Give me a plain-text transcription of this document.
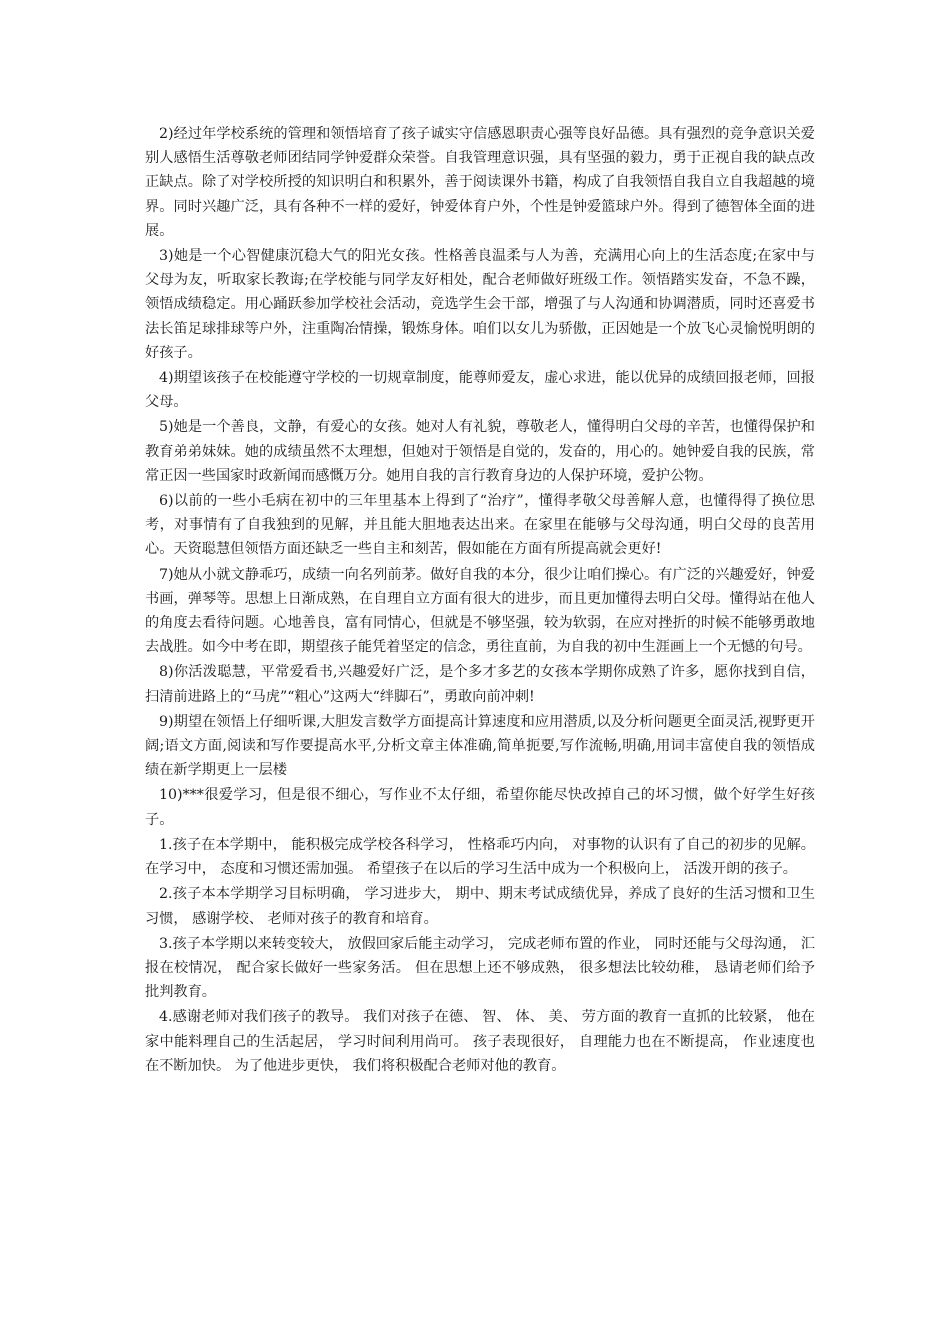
2)经过年学校系统的管理和领悟培育了孩子诚实守信感恩职责心强等良好品德。具有强烈的竞争意识关爱别人感悟生活尊敬老师团结同学钟爱群众荣誉。自我管理意识强，具有坚强的毅力，勇于正视自我的缺点改正缺点。除了对学校所授的知识明白和积累外，善于阅读课外书籍，构成了自我领悟自我自立自我超越的境界。同时兴趣广泛，具有各种不一样的爱好，钟爱体育户外，个性是钟爱篮球户外。得到了德智体全面的进展。

3)她是一个心智健康沉稳大气的阳光女孩。性格善良温柔与人为善，充满用心向上的生活态度;在家中与父母为友，听取家长教诲;在学校能与同学友好相处，配合老师做好班级工作。领悟踏实发奋，不急不躁，领悟成绩稳定。用心踊跃参加学校社会活动，竞选学生会干部，增强了与人沟通和协调潜质，同时还喜爱书法长笛足球排球等户外，注重陶冶情操，锻炼身体。咱们以女儿为骄傲，正因她是一个放飞心灵愉悦明朗的好孩子。

4)期望该孩子在校能遵守学校的一切规章制度，能尊师爱友，虚心求进，能以优异的成绩回报老师，回报父母。

5)她是一个善良，文静，有爱心的女孩。她对人有礼貌，尊敬老人，懂得明白父母的辛苦，也懂得保护和教育弟弟妹妹。她的成绩虽然不太理想，但她对于领悟是自觉的，发奋的，用心的。她钟爱自我的民族，常常正因一些国家时政新闻而感慨万分。她用自我的言行教育身边的人保护环境，爱护公物。

6)以前的一些小毛病在初中的三年里基本上得到了“治疗”，懂得孝敬父母善解人意，也懂得得了换位思考，对事情有了自我独到的见解，并且能大胆地表达出来。在家里在能够与父母沟通，明白父母的良苦用心。天资聪慧但领悟方面还缺乏一些自主和刻苦，假如能在方面有所提高就会更好!

7)她从小就文静乖巧，成绩一向名列前茅。做好自我的本分，很少让咱们操心。有广泛的兴趣爱好，钟爱书画，弹琴等。思想上日渐成熟，在自理自立方面有很大的进步，而且更加懂得去明白父母。懂得站在他人的角度去看待问题。心地善良，富有同情心，但就是不够坚强，较为软弱，在应对挫折的时候不能够勇敢地去战胜。如今中考在即，期望孩子能凭着坚定的信念，勇往直前，为自我的初中生涯画上一个无憾的句号。

8)你活泼聪慧，平常爱看书,兴趣爱好广泛，是个多才多艺的女孩本学期你成熟了许多，愿你找到自信，扫清前进路上的“马虎”“粗心”这两大“绊脚石”，勇敢向前冲刺!

9)期望在领悟上仔细听课,大胆发言数学方面提高计算速度和应用潜质,以及分析问题更全面灵活,视野更开阔;语文方面,阅读和写作要提高水平,分析文章主体准确,简单扼要,写作流畅,明确,用词丰富使自我的领悟成绩在新学期更上一层楼

10)***很爱学习，但是很不细心，写作业不太仔细，希望你能尽快改掉自己的坏习惯，做个好学生好孩子。

1.孩子在本学期中， 能积极完成学校各科学习， 性格乖巧内向， 对事物的认识有了自己的初步的见解。 在学习中， 态度和习惯还需加强。 希望孩子在以后的学习生活中成为一个积极向上， 活泼开朗的孩子。

2.孩子本本学期学习目标明确， 学习进步大， 期中、期末考试成绩优异，养成了良好的生活习惯和卫生习惯， 感谢学校、 老师对孩子的教育和培育。

3.孩子本学期以来转变较大， 放假回家后能主动学习， 完成老师布置的作业， 同时还能与父母沟通， 汇报在校情况， 配合家长做好一些家务活。 但在思想上还不够成熟， 很多想法比较幼稚， 恳请老师们给予批判教育。

4.感谢老师对我们孩子的教导。 我们对孩子在德、 智、 体、 美、 劳方面的教育一直抓的比较紧， 他在家中能料理自己的生活起居， 学习时间利用尚可。 孩子表现很好， 自理能力也在不断提高， 作业速度也在不断加快。 为了他进步更快， 我们将积极配合老师对他的教育。
